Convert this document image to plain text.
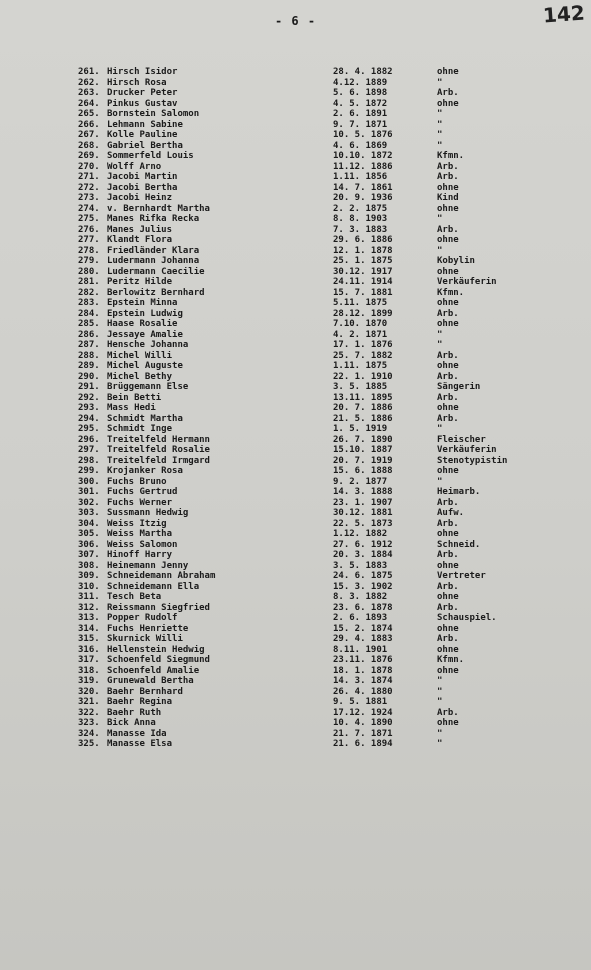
- 6 -	142
261. Hirsch Isidor	28. 4. 1882	ohne
262. Hirsch Rosa	4.12. 1889	"
263. Drucker Peter	5. 6. 1898	Arb.
264. Pinkus Gustav	4. 5. 1872	ohne
265. Bornstein Salomon	2. 6. 1891	"
266. Lehmann Sabine	9. 7. 1871	"
267. Kolle Pauline	10. 5. 1876	"
268. Gabriel Bertha	4. 6. 1869	"
269. Sommerfeld Louis	10.10. 1872	Kfmn.
270. Wolff Arno	11.12. 1886	Arb.
271. Jacobi Martin	1.11. 1856	Arb.
272. Jacobi Bertha	14. 7. 1861	ohne
273. Jacobi Heinz	20. 9. 1936	Kind
274. v. Bernhardt Martha	2. 2. 1875	ohne
275. Manes Rifka Recka	8. 8. 1903	"
276. Manes Julius	7. 3. 1883	Arb.
277. Klandt Flora	29. 6. 1886	ohne
278. Friedländer Klara	12. 1. 1878	"
279. Ludermann Johanna	25. 1. 1875	Kobylin
280. Ludermann Caecilie	30.12. 1917	ohne
281. Peritz Hilde	24.11. 1914	Verkäuferin
282. Berlowitz Bernhard	15. 7. 1881	Kfmn.
283. Epstein Minna	5.11. 1875	ohne
284. Epstein Ludwig	28.12. 1899	Arb.
285. Haase Rosalie	7.10. 1870	ohne
286. Jessaye Amalie	4. 2. 1871	"
287. Hensche Johanna	17. 1. 1876	"
288. Michel Willi	25. 7. 1882	Arb.
289. Michel Auguste	1.11. 1875	ohne
290. Michel Bethy	22. 1. 1910	Arb.
291. Brüggemann Else	3. 5. 1885	Sängerin
292. Bein Betti	13.11. 1895	Arb.
293. Mass Hedi	20. 7. 1886	ohne
294. Schmidt Martha	21. 5. 1886	Arb.
295. Schmidt Inge	1. 5. 1919	"
296. Treitelfeld Hermann	26. 7. 1890	Fleischer
297. Treitelfeld Rosalie	15.10. 1887	Verkäuferin
298. Treitelfeld Irmgard	20. 7. 1919	Stenotypistin
299. Krojanker Rosa	15. 6. 1888	ohne
300. Fuchs Bruno	9. 2. 1877	"
301. Fuchs Gertrud	14. 3. 1888	Heimarb.
302. Fuchs Werner	23. 1. 1907	Arb.
303. Sussmann Hedwig	30.12. 1881	Aufw.
304. Weiss Itzig	22. 5. 1873	Arb.
305. Weiss Martha	1.12. 1882	ohne
306. Weiss Salomon	27. 6. 1912	Schneid.
307. Hinoff Harry	20. 3. 1884	Arb.
308. Heinemann Jenny	3. 5. 1883	ohne
309. Schneidemann Abraham	24. 6. 1875	Vertreter
310. Schneidemann Ella	15. 3. 1902	Arb.
311. Tesch Beta	8. 3. 1882	ohne
312. Reissmann Siegfried	23. 6. 1878	Arb.
313. Popper Rudolf	2. 6. 1893	Schauspiel.
314. Fuchs Henriette	15. 2. 1874	ohne
315. Skurnick Willi	29. 4. 1883	Arb.
316. Hellenstein Hedwig	8.11. 1901	ohne
317. Schoenfeld Siegmund	23.11. 1876	Kfmn.
318. Schoenfeld Amalie	18. 1. 1878	ohne
319. Grunewald Bertha	14. 3. 1874	"
320. Baehr Bernhard	26. 4. 1880	"
321. Baehr Regina	9. 5. 1881	"
322. Baehr Ruth	17.12. 1924	Arb.
323. Bick Anna	10. 4. 1890	ohne
324. Manasse Ida	21. 7. 1871	"
325. Manasse Elsa	21. 6. 1894	"
